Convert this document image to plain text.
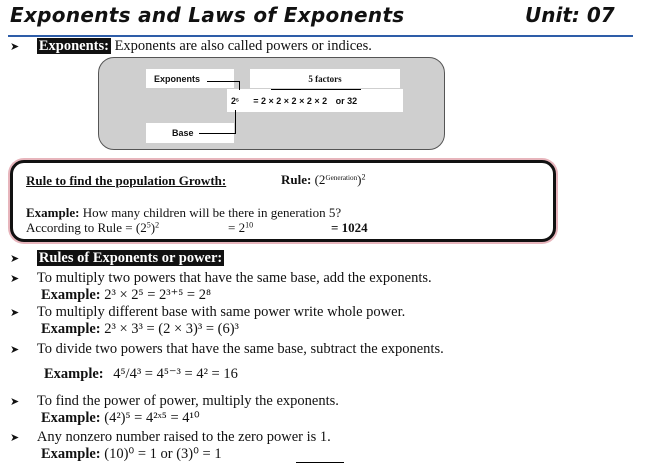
Exponents and Laws of Exponents	Unit: 07
➤ Exponents: Exponents are also called powers or indices.
Exponents	5 factors
$2^5 = 2 \times 2 \times 2 \times 2 \times 2$ or 32
Base
Rule to find the population Growth:	Rule: $(2^{Generation})^2$
Example: How many children will be there in generation 5?
According to Rule = $(2^5)^2$	= $2^{10}$	= 1024
➤ Rules of Exponents or power:
➤ To multiply two powers that have the same base, add the exponents.
Example: 2³ × 2⁵ = 2³⁺⁵ = 2⁸
➤ To multiply different base with same power write whole power.
Example: 2³ × 3³ = (2 × 3)³ = (6)³
➤ To divide two powers that have the same base, subtract the exponents.
Example: 4⁵/4³ = 4⁵⁻³ = 4² = 16
➤ To find the power of power, multiply the exponents.
Example: (4²)⁵ = 4²ˣ⁵ = 4¹⁰
➤ Any nonzero number raised to the zero power is 1.
Example: (10)⁰ = 1 or (3)⁰ = 1
